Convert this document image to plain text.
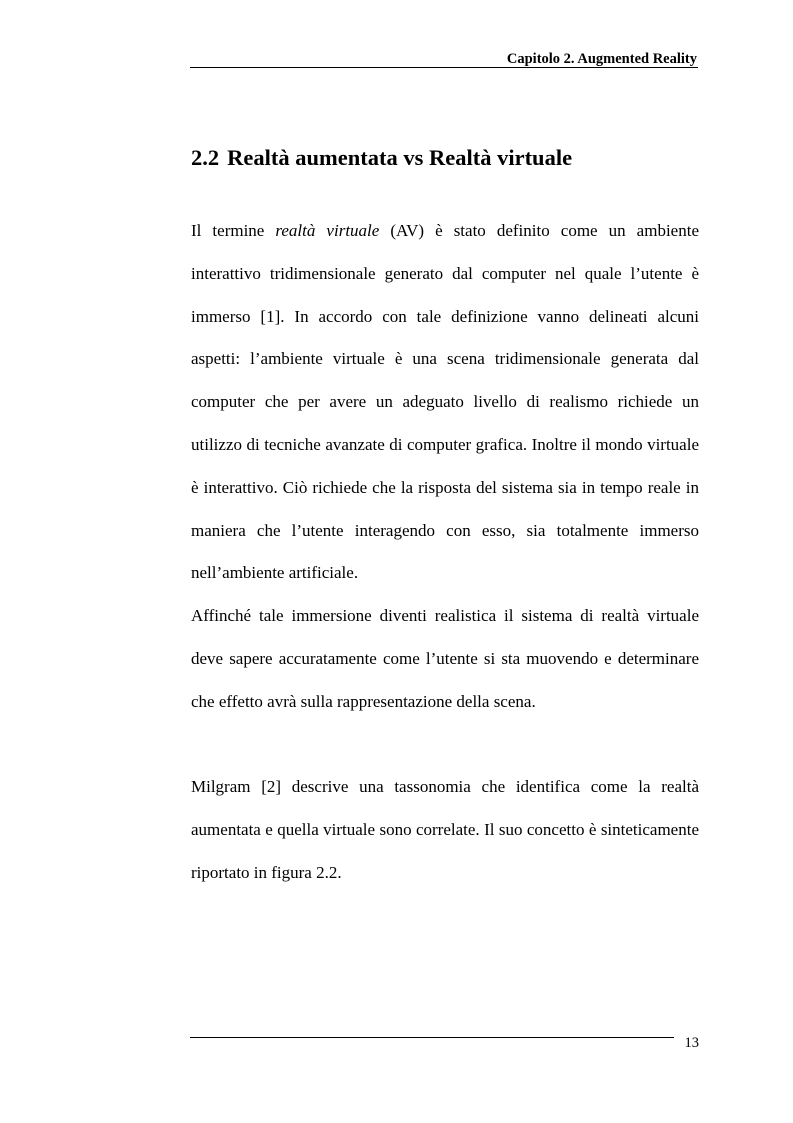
Capitolo 2. Augmented Reality
2.2 Realtà aumentata vs Realtà virtuale

Il termine realtà virtuale (AV) è stato definito come un ambiente interattivo tridimensionale generato dal computer nel quale l’utente è immerso [1]. In accordo con tale definizione vanno delineati alcuni aspetti: l’ambiente virtuale è una scena tridimensionale generata dal computer che per avere un adeguato livello di realismo richiede un utilizzo di tecniche avanzate di computer grafica. Inoltre il mondo virtuale è interattivo. Ciò richiede che la risposta del sistema sia in tempo reale in maniera che l’utente interagendo con esso, sia totalmente immerso nell’ambiente artificiale.

Affinché tale immersione diventi realistica il sistema di realtà virtuale deve sapere accuratamente come l’utente si sta muovendo e determinare che effetto avrà sulla rappresentazione della scena.

Milgram [2] descrive una tassonomia che identifica come la realtà aumentata e quella virtuale sono correlate. Il suo concetto è sinteticamente riportato in figura 2.2.

13
